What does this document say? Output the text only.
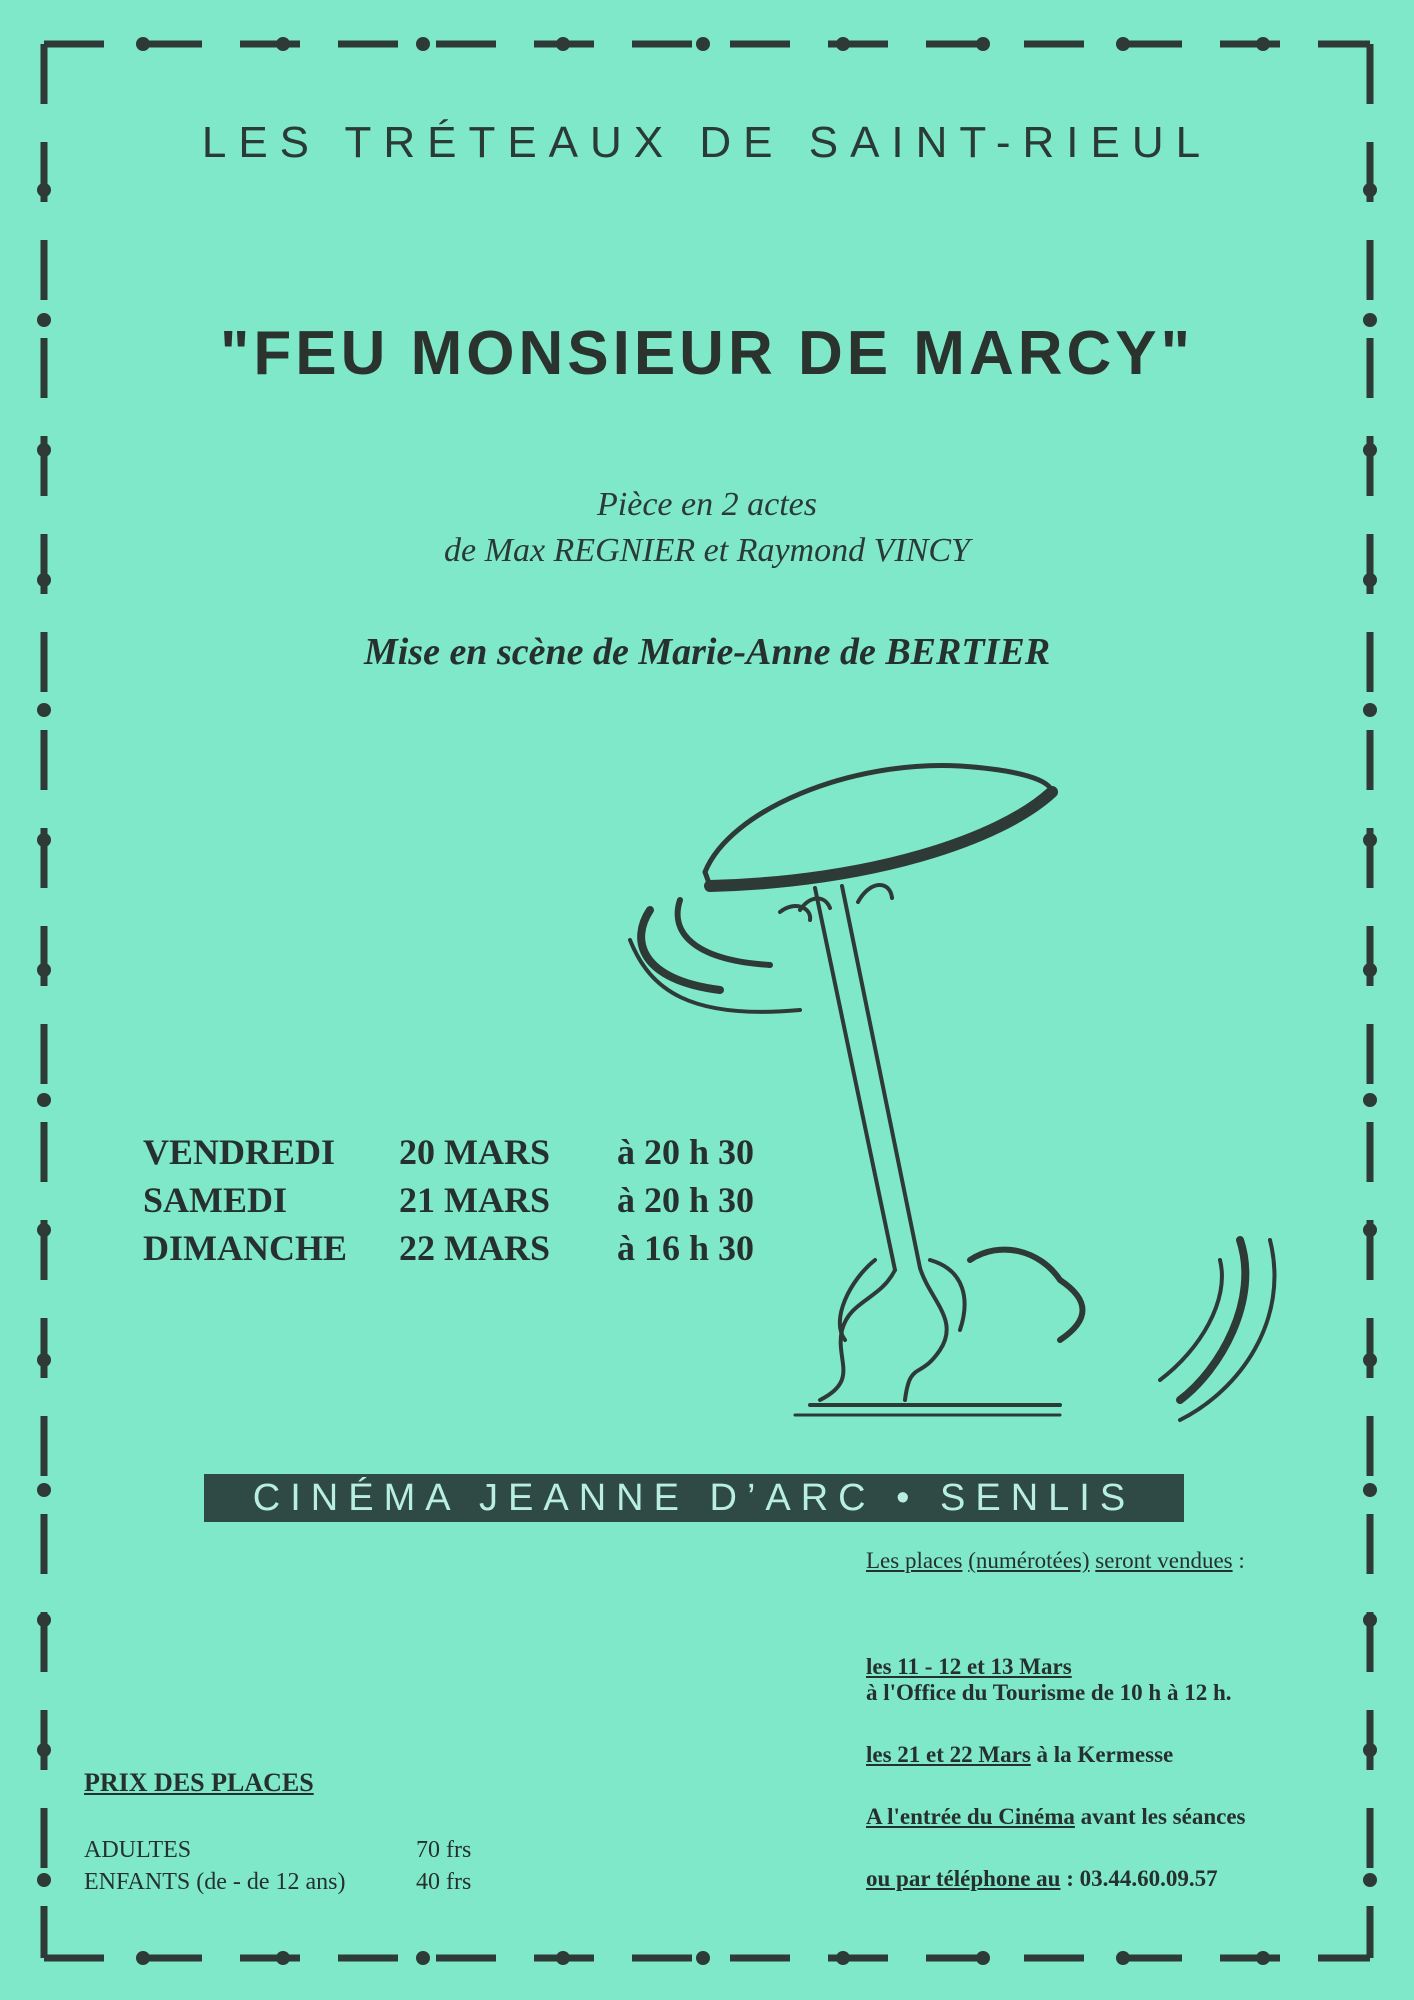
LES TRÉTEAUX DE SAINT-RIEUL
"FEU MONSIEUR DE MARCY"
Pièce en 2 actes
de Max REGNIER et Raymond VINCY
Mise en scène de Marie-Anne de BERTIER
VENDREDI	20 MARS	à 20 h 30
SAMEDI	21 MARS	à 20 h 30
DIMANCHE	22 MARS	à 16 h 30
CINÉMA JEANNE D’ARC • SENLIS
Les places (numérotées) seront vendues :
les 11 - 12 et 13 Mars
à l'Office du Tourisme de 10 h à 12 h.
les 21 et 22 Mars à la Kermesse
A l'entrée du Cinéma avant les séances
ou par téléphone au : 03.44.60.09.57
PRIX DES PLACES
ADULTES	70 frs
ENFANTS (de - de 12 ans)	40 frs
